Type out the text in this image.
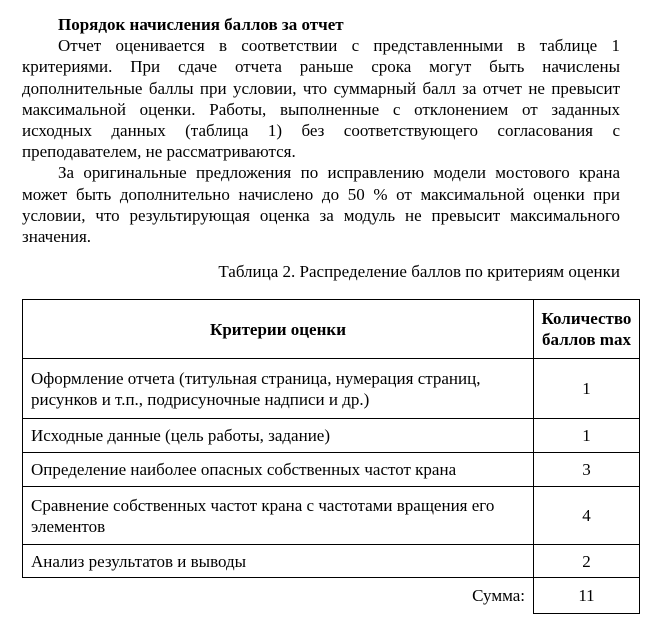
Порядок начисления баллов за отчет

Отчет оценивается в соответствии с представленными в таблице 1 критериями. При сдаче отчета раньше срока могут быть начислены дополнительные баллы при условии, что суммарный балл за отчет не превысит максимальной оценки. Работы, выполненные с отклонением от заданных исходных данных (таблица 1) без соответствующего согласования с преподавателем, не рассматриваются.

За оригинальные предложения по исправлению модели мостового крана может быть дополнительно начислено до 50 % от максимальной оценки при условии, что результирующая оценка за модуль не превысит максимального значения.

Таблица 2. Распределение баллов по критериям оценки
Критерии оценки	Количество баллов max
Оформление отчета (титульная страница, нумерация страниц, рисунков и т.п., подрисуночные надписи и др.)	1
Исходные данные (цель работы, задание)	1
Определение наиболее опасных собственных частот крана	3
Сравнение собственных частот крана с частотами вращения его элементов	4
Анализ результатов и выводы	2
Сумма:	11
